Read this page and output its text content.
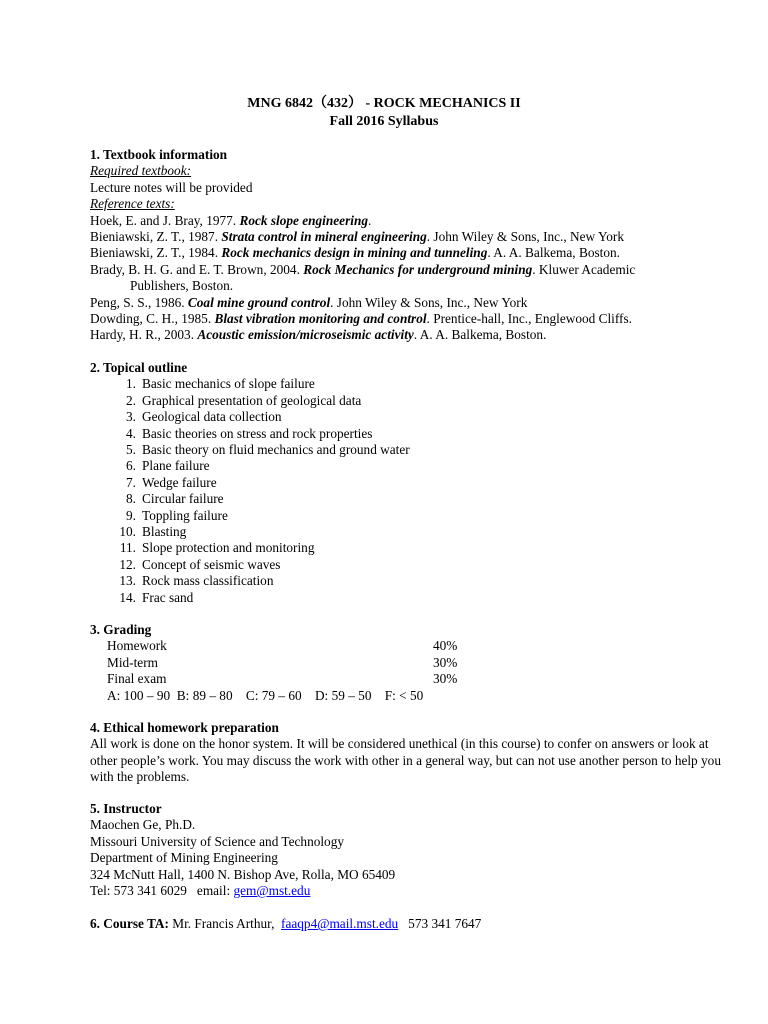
MNG 6842（432） - ROCK MECHANICS II
Fall 2016 Syllabus
1. Textbook information
Required textbook:
Lecture notes will be provided
Reference texts:
Hoek, E. and J. Bray, 1977. Rock slope engineering.
Bieniawski, Z. T., 1987. Strata control in mineral engineering. John Wiley & Sons, Inc., New York
Bieniawski, Z. T., 1984. Rock mechanics design in mining and tunneling. A. A. Balkema, Boston.
Brady, B. H. G. and E. T. Brown, 2004. Rock Mechanics for underground mining. Kluwer Academic
Publishers, Boston.
Peng, S. S., 1986. Coal mine ground control. John Wiley & Sons, Inc., New York
Dowding, C. H., 1985. Blast vibration monitoring and control. Prentice-hall, Inc., Englewood Cliffs.
Hardy, H. R., 2003. Acoustic emission/microseismic activity. A. A. Balkema, Boston.
2. Topical outline
1. Basic mechanics of slope failure
2. Graphical presentation of geological data
3. Geological data collection
4. Basic theories on stress and rock properties
5. Basic theory on fluid mechanics and ground water
6. Plane failure
7. Wedge failure
8. Circular failure
9. Toppling failure
10. Blasting
11. Slope protection and monitoring
12. Concept of seismic waves
13. Rock mass classification
14. Frac sand
3. Grading
Homework	40%
Mid-term	30%
Final exam	30%
A: 100 – 90  B: 89 – 80    C: 79 – 60    D: 59 – 50    F: < 50
4. Ethical homework preparation
All work is done on the honor system. It will be considered unethical (in this course) to confer on answers or look at other people’s work. You may discuss the work with other in a general way, but can not use another person to help you with the problems.
5. Instructor
Maochen Ge, Ph.D.
Missouri University of Science and Technology
Department of Mining Engineering
324 McNutt Hall, 1400 N. Bishop Ave, Rolla, MO 65409
Tel: 573 341 6029   email: gem@mst.edu
6. Course TA: Mr. Francis Arthur,  faaqp4@mail.mst.edu 573 341 7647
